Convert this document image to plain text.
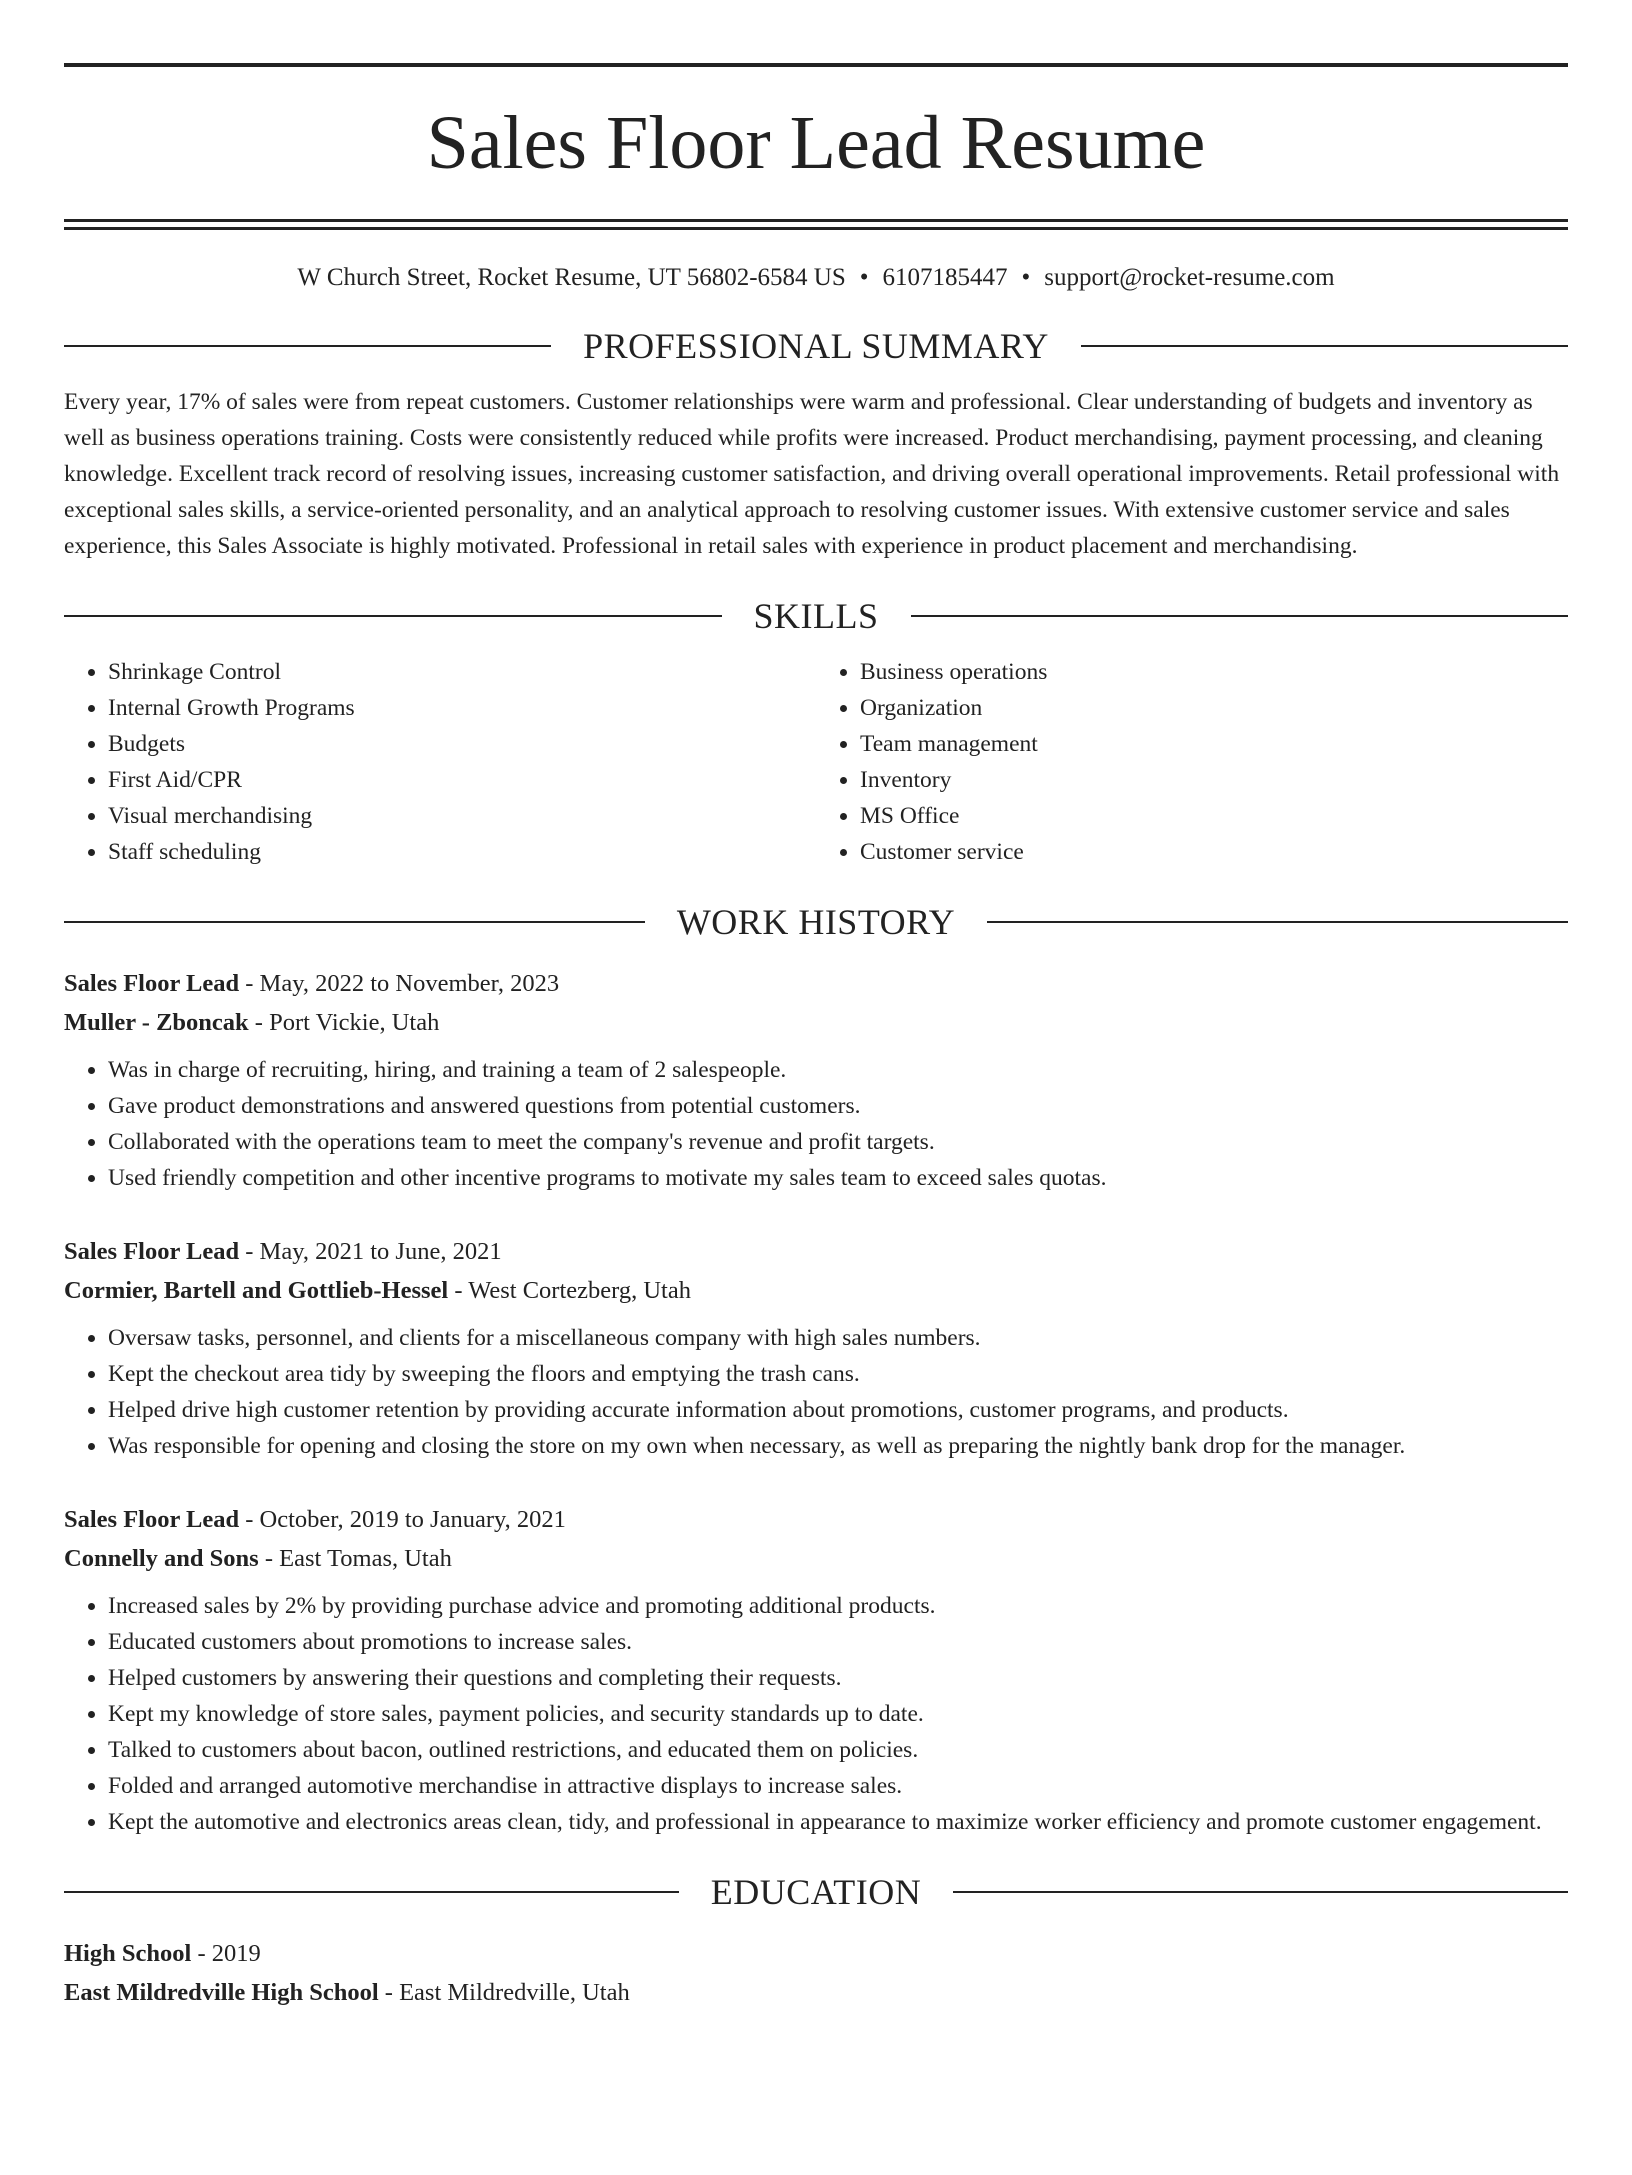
Sales Floor Lead Resume
W Church Street, Rocket Resume, UT 56802-6584 US • 6107185447 • support@rocket-resume.com
PROFESSIONAL SUMMARY
Every year, 17% of sales were from repeat customers. Customer relationships were warm and professional. Clear understanding of budgets and inventory as well as business operations training. Costs were consistently reduced while profits were increased. Product merchandising, payment processing, and cleaning knowledge. Excellent track record of resolving issues, increasing customer satisfaction, and driving overall operational improvements. Retail professional with exceptional sales skills, a service-oriented personality, and an analytical approach to resolving customer issues. With extensive customer service and sales experience, this Sales Associate is highly motivated. Professional in retail sales with experience in product placement and merchandising.
SKILLS
• Shrinkage Control
• Internal Growth Programs
• Budgets
• First Aid/CPR
• Visual merchandising
• Staff scheduling
• Business operations
• Organization
• Team management
• Inventory
• MS Office
• Customer service
WORK HISTORY
Sales Floor Lead - May, 2022 to November, 2023
Muller - Zboncak - Port Vickie, Utah
• Was in charge of recruiting, hiring, and training a team of 2 salespeople.
• Gave product demonstrations and answered questions from potential customers.
• Collaborated with the operations team to meet the company's revenue and profit targets.
• Used friendly competition and other incentive programs to motivate my sales team to exceed sales quotas.
Sales Floor Lead - May, 2021 to June, 2021
Cormier, Bartell and Gottlieb-Hessel - West Cortezberg, Utah
• Oversaw tasks, personnel, and clients for a miscellaneous company with high sales numbers.
• Kept the checkout area tidy by sweeping the floors and emptying the trash cans.
• Helped drive high customer retention by providing accurate information about promotions, customer programs, and products.
• Was responsible for opening and closing the store on my own when necessary, as well as preparing the nightly bank drop for the manager.
Sales Floor Lead - October, 2019 to January, 2021
Connelly and Sons - East Tomas, Utah
• Increased sales by 2% by providing purchase advice and promoting additional products.
• Educated customers about promotions to increase sales.
• Helped customers by answering their questions and completing their requests.
• Kept my knowledge of store sales, payment policies, and security standards up to date.
• Talked to customers about bacon, outlined restrictions, and educated them on policies.
• Folded and arranged automotive merchandise in attractive displays to increase sales.
• Kept the automotive and electronics areas clean, tidy, and professional in appearance to maximize worker efficiency and promote customer engagement.
EDUCATION
High School - 2019
East Mildredville High School - East Mildredville, Utah
